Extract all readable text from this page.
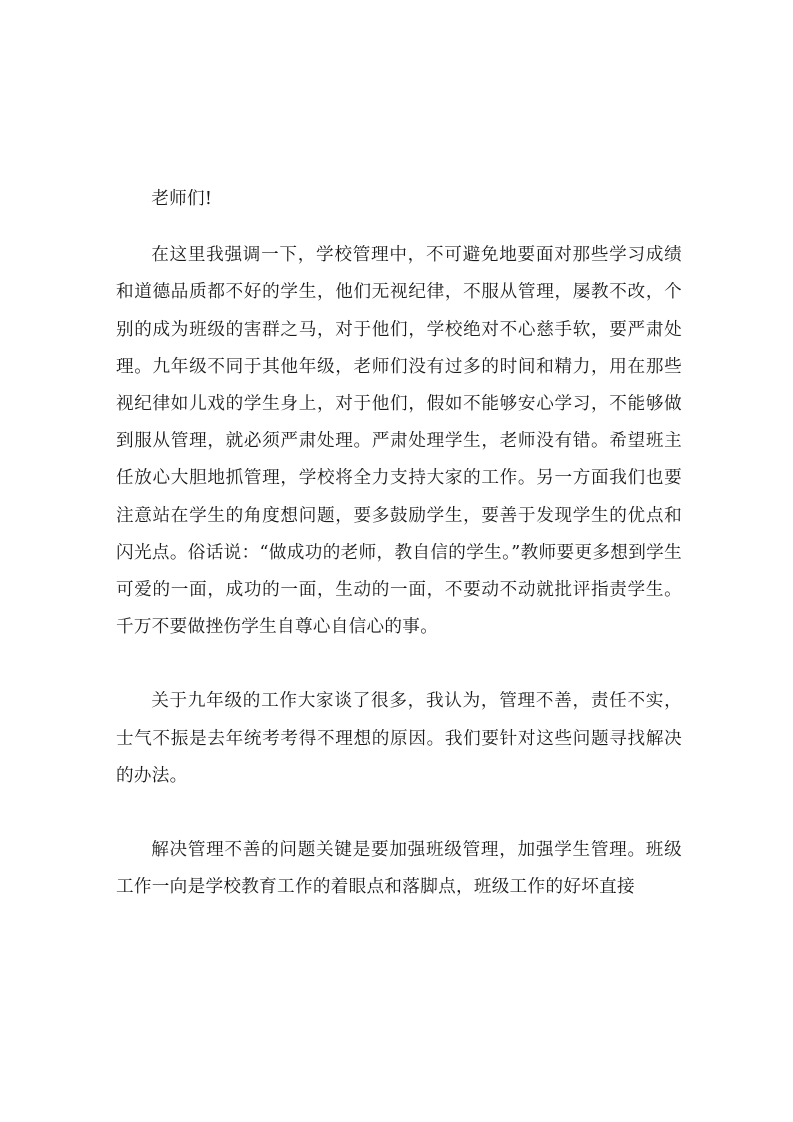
老师们!

在这里我强调一下，学校管理中，不可避免地要面对那些学习成绩和道德品质都不好的学生，他们无视纪律，不服从管理，屡教不改，个别的成为班级的害群之马，对于他们，学校绝对不心慈手软，要严肃处理。九年级不同于其他年级，老师们没有过多的时间和精力，用在那些视纪律如儿戏的学生身上，对于他们，假如不能够安心学习，不能够做到服从管理，就必须严肃处理。严肃处理学生，老师没有错。希望班主任放心大胆地抓管理，学校将全力支持大家的工作。另一方面我们也要注意站在学生的角度想问题，要多鼓励学生，要善于发现学生的优点和闪光点。俗话说：“做成功的老师，教自信的学生。”教师要更多想到学生可爱的一面，成功的一面，生动的一面，不要动不动就批评指责学生。千万不要做挫伤学生自尊心自信心的事。

关于九年级的工作大家谈了很多，我认为，管理不善，责任不实，士气不振是去年统考考得不理想的原因。我们要针对这些问题寻找解决的办法。

解决管理不善的问题关键是要加强班级管理，加强学生管理。班级工作一向是学校教育工作的着眼点和落脚点，班级工作的好坏直接
